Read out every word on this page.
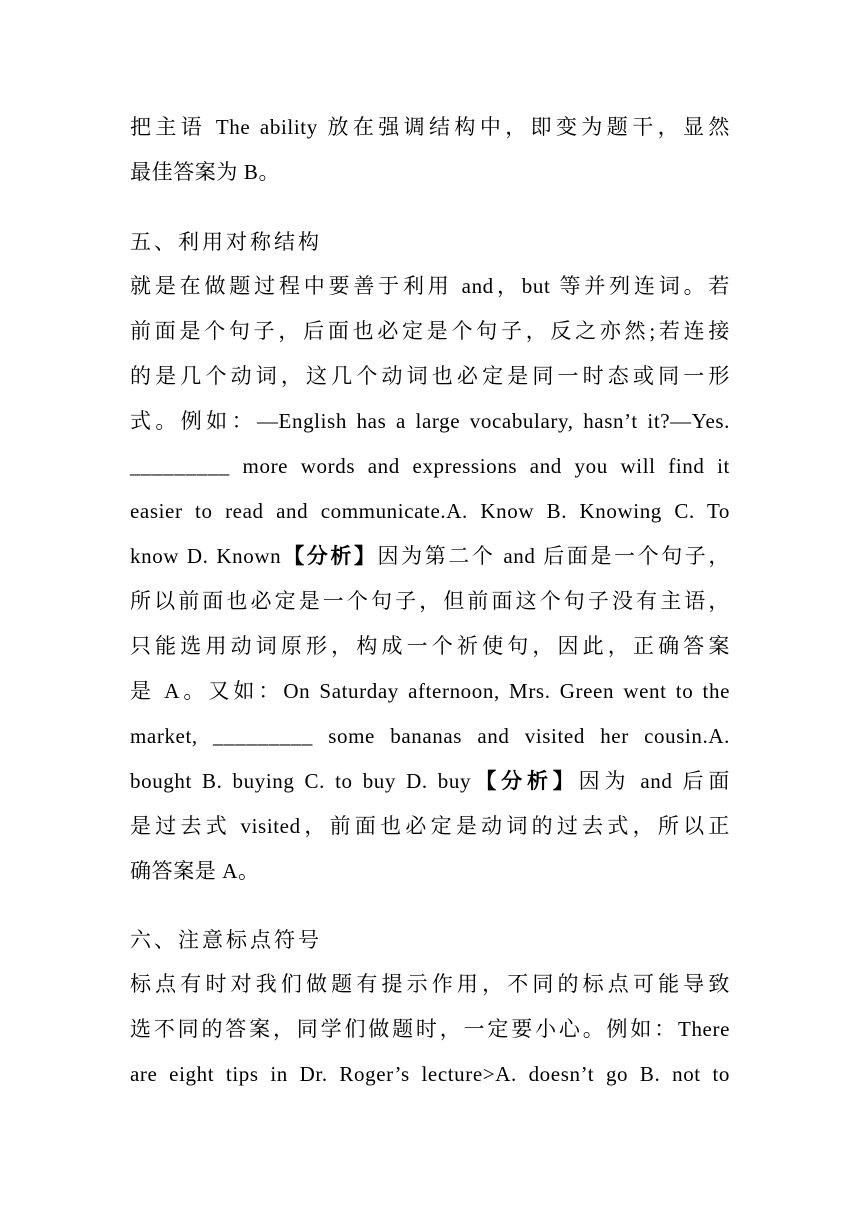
把主语 The ability 放在强调结构中，即变为题干，显然
最佳答案为 B。
五、利用对称结构
就是在做题过程中要善于利用 and，but 等并列连词。若
前面是个句子，后面也必定是个句子，反之亦然;若连接
的是几个动词，这几个动词也必定是同一时态或同一形
式。例如：—English has a large vocabulary, hasn’t it?—Yes.
_________ more words and expressions and you will find it
easier to read and communicate.A. Know B. Knowing C. To
know D. Known【分析】因为第二个 and 后面是一个句子，
所以前面也必定是一个句子，但前面这个句子没有主语，
只能选用动词原形，构成一个祈使句，因此，正确答案
是 A。又如：On Saturday afternoon, Mrs. Green went to the
market, _________ some bananas and visited her cousin.A.
bought B. buying C. to buy D. buy【分析】因为 and 后面
是过去式 visited，前面也必定是动词的过去式，所以正
确答案是 A。
六、注意标点符号
标点有时对我们做题有提示作用，不同的标点可能导致
选不同的答案，同学们做题时，一定要小心。例如：There
are eight tips in Dr. Roger’s lecture>A. doesn’t go B. not to
